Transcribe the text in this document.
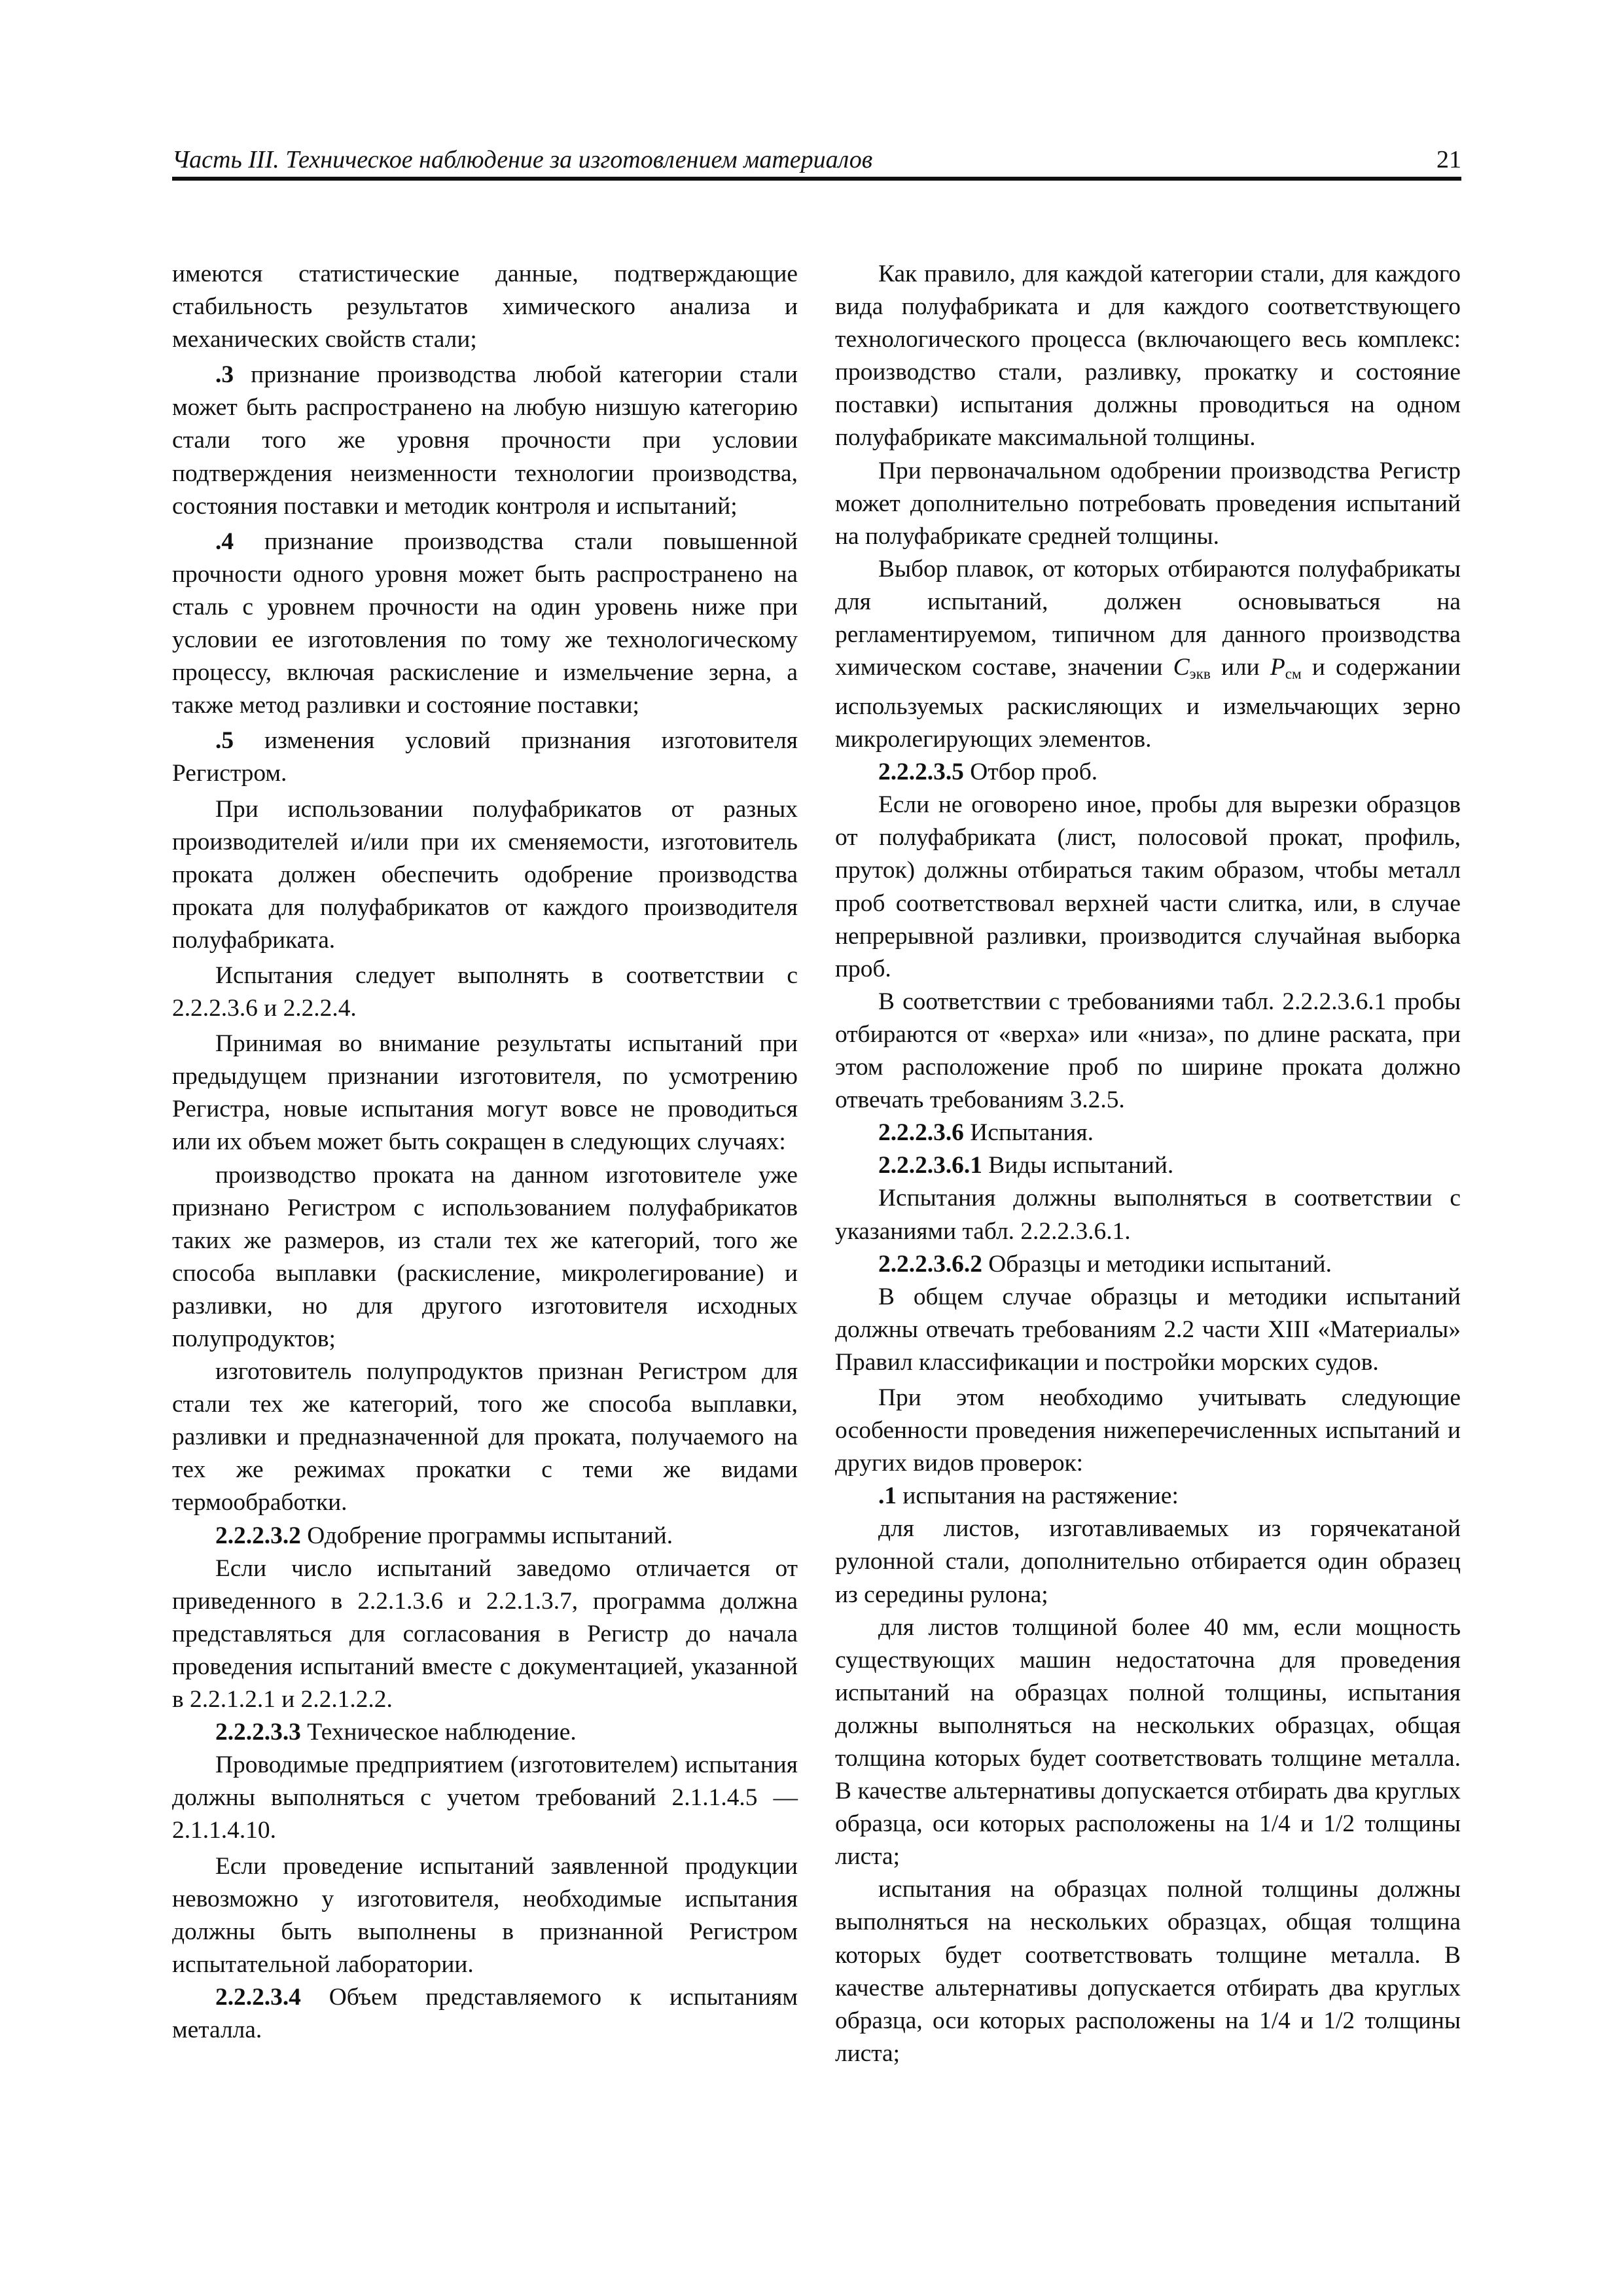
Часть III. Техническое наблюдение за изготовлением материалов	21

имеются статистические данные, подтверждающие стабильность результатов химического анализа и механических свойств стали;

.3 признание производства любой категории стали может быть распространено на любую низшую категорию стали того же уровня прочности при условии подтверждения неизменности технологии производства, состояния поставки и методик контроля и испытаний;

.4 признание производства стали повышенной прочности одного уровня может быть распространено на сталь с уровнем прочности на один уровень ниже при условии ее изготовления по тому же технологическому процессу, включая раскисление и измельчение зерна, а также метод разливки и состояние поставки;

.5 изменения условий признания изготовителя Регистром.

При использовании полуфабрикатов от разных производителей и/или при их сменяемости, изготовитель проката должен обеспечить одобрение производства проката для полуфабрикатов от каждого производителя полуфабриката.

Испытания следует выполнять в соответствии с 2.2.2.3.6 и 2.2.2.4.

Принимая во внимание результаты испытаний при предыдущем признании изготовителя, по усмотрению Регистра, новые испытания могут вовсе не проводиться или их объем может быть сокращен в следующих случаях:

производство проката на данном изготовителе уже признано Регистром с использованием полуфабрикатов таких же размеров, из стали тех же категорий, того же способа выплавки (раскисление, микролегирование) и разливки, но для другого изготовителя исходных полупродуктов;

изготовитель полупродуктов признан Регистром для стали тех же категорий, того же способа выплавки, разливки и предназначенной для проката, получаемого на тех же режимах прокатки с теми же видами термообработки.

2.2.2.3.2 Одобрение программы испытаний.

Если число испытаний заведомо отличается от приведенного в 2.2.1.3.6 и 2.2.1.3.7, программа должна представляться для согласования в Регистр до начала проведения испытаний вместе с документацией, указанной в 2.2.1.2.1 и 2.2.1.2.2.

2.2.2.3.3 Техническое наблюдение.

Проводимые предприятием (изготовителем) испытания должны выполняться с учетом требований 2.1.1.4.5 — 2.1.1.4.10.

Если проведение испытаний заявленной продукции невозможно у изготовителя, необходимые испытания должны быть выполнены в признанной Регистром испытательной лаборатории.

2.2.2.3.4 Объем представляемого к испытаниям металла.

Как правило, для каждой категории стали, для каждого вида полуфабриката и для каждого соответствующего технологического процесса (включающего весь комплекс: производство стали, разливку, прокатку и состояние поставки) испытания должны проводиться на одном полуфабрикате максимальной толщины.

При первоначальном одобрении производства Регистр может дополнительно потребовать проведения испытаний на полуфабрикате средней толщины.

Выбор плавок, от которых отбираются полуфабрикаты для испытаний, должен основываться на регламентируемом, типичном для данного производства химическом составе, значении $C_{экв}$ или $P_{см}$ и содержании используемых раскисляющих и измельчающих зерно микролегирующих элементов.

2.2.2.3.5 Отбор проб.

Если не оговорено иное, пробы для вырезки образцов от полуфабриката (лист, полосовой прокат, профиль, пруток) должны отбираться таким образом, чтобы металл проб соответствовал верхней части слитка, или, в случае непрерывной разливки, производится случайная выборка проб.

В соответствии с требованиями табл. 2.2.2.3.6.1 пробы отбираются от «верха» или «низа», по длине раската, при этом расположение проб по ширине проката должно отвечать требованиям 3.2.5.

2.2.2.3.6 Испытания.

2.2.2.3.6.1 Виды испытаний.

Испытания должны выполняться в соответствии с указаниями табл. 2.2.2.3.6.1.

2.2.2.3.6.2 Образцы и методики испытаний.

В общем случае образцы и методики испытаний должны отвечать требованиям 2.2 части XIII «Материалы» Правил классификации и постройки морских судов.

При этом необходимо учитывать следующие особенности проведения нижеперечисленных испытаний и других видов проверок:

.1 испытания на растяжение:

для листов, изготавливаемых из горячекатаной рулонной стали, дополнительно отбирается один образец из середины рулона;

для листов толщиной более 40 мм, если мощность существующих машин недостаточна для проведения испытаний на образцах полной толщины, испытания должны выполняться на нескольких образцах, общая толщина которых будет соответствовать толщине металла. В качестве альтернативы допускается отбирать два круглых образца, оси которых расположены на 1/4 и 1/2 толщины листа;

испытания на образцах полной толщины должны выполняться на нескольких образцах, общая толщина которых будет соответствовать толщине металла. В качестве альтернативы допускается отбирать два круглых образца, оси которых расположены на 1/4 и 1/2 толщины листа;
